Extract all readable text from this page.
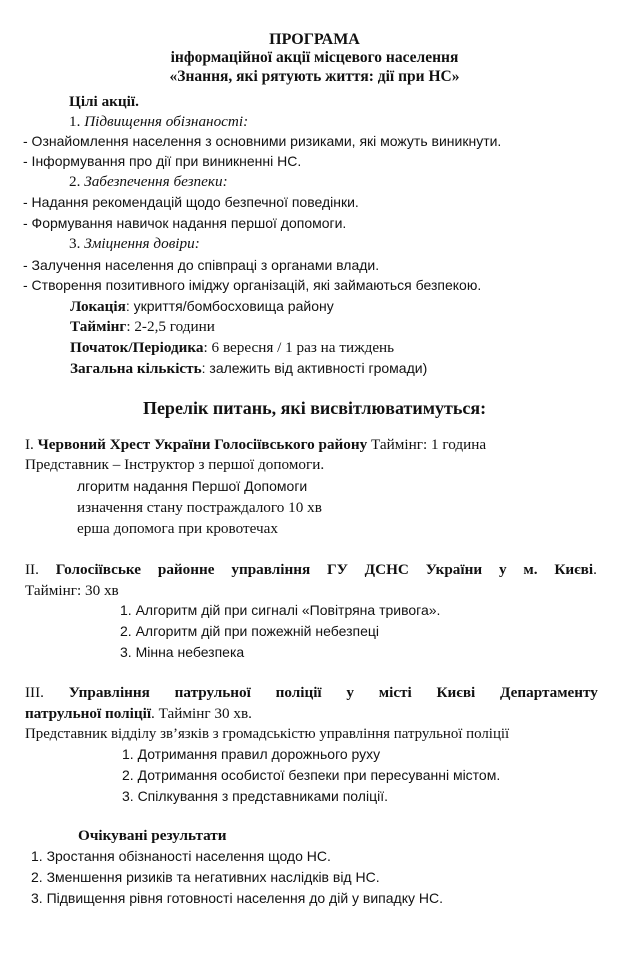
ПРОГРАМА
інформаційної акції місцевого населення
«Знання, які рятують життя: дії при НС»
Цілі акції.
1. Підвищення обізнаності:
- Ознайомлення населення з основними ризиками, які можуть виникнути.
- Інформування про дії при виникненні НС.
2. Забезпечення безпеки:
- Надання рекомендацій щодо безпечної поведінки.
- Формування навичок надання першої допомоги.
3. Зміцнення довіри:
- Залучення населення до співпраці з органами влади.
- Створення позитивного іміджу організацій, які займаються безпекою.
Локація: укриття/бомбосховища району
Таймінг: 2-2,5 години
Початок/Періодика: 6 вересня / 1 раз на тиждень
Загальна кількість: залежить від активності громади)
Перелік питань, які висвітлюватимуться:
I. Червоний Хрест України Голосіївського району Таймінг: 1 година
Представник – Інструктор з першої допомоги.
лгоритм надання Першої Допомоги
изначення стану постраждалого 10 хв
ерша допомога при кровотечах
II. Голосіївське районне управління ГУ ДСНС України у м. Києві.
Таймінг: 30 хв
1. Алгоритм дій при сигналі «Повітряна тривога».
2. Алгоритм дій при пожежній небезпеці
3. Мінна небезпека
III. Управління патрульної поліції у місті Києві Департаменту
патрульної поліції. Таймінг 30 хв.
Представник відділу зв’язків з громадськістю управління патрульної поліції
1. Дотримання правил дорожнього руху
2. Дотримання особистої безпеки при пересуванні містом.
3. Спілкування з представниками поліції.
Очікувані результати
1. Зростання обізнаності населення щодо НС.
2. Зменшення ризиків та негативних наслідків від НС.
3. Підвищення рівня готовності населення до дій у випадку НС.
